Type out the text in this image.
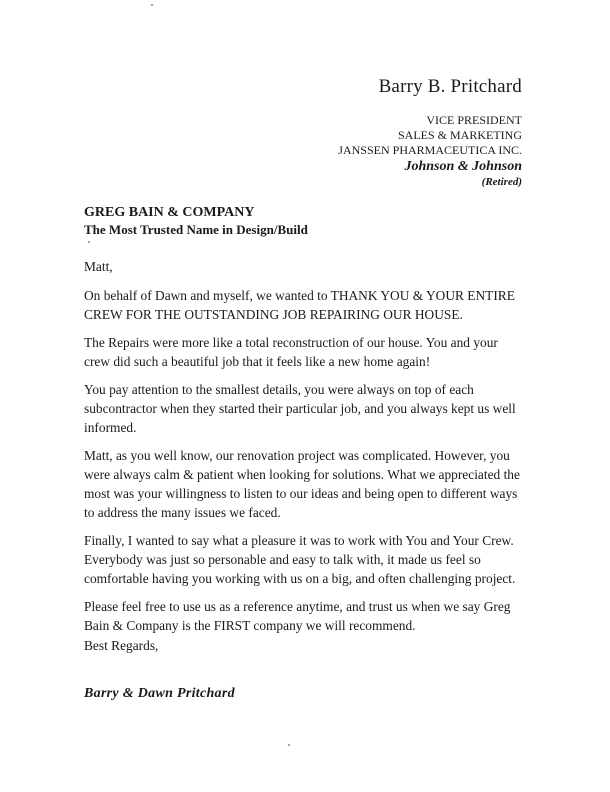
Barry B. Pritchard
VICE PRESIDENT
SALES & MARKETING
JANSSEN PHARMACEUTICA INC.
Johnson & Johnson
(Retired)
GREG BAIN & COMPANY
The Most Trusted Name in Design/Build

Matt,

On behalf of Dawn and myself, we wanted to THANK YOU & YOUR ENTIRE CREW FOR THE OUTSTANDING JOB REPAIRING OUR HOUSE.

The Repairs were more like a total reconstruction of our house. You and your crew did such a beautiful job that it feels like a new home again!

You pay attention to the smallest details, you were always on top of each subcontractor when they started their particular job, and you always kept us well informed.

Matt, as you well know, our renovation project was complicated. However, you were always calm & patient when looking for solutions. What we appreciated the most was your willingness to listen to our ideas and being open to different ways to address the many issues we faced.

Finally, I wanted to say what a pleasure it was to work with You and Your Crew. Everybody was just so personable and easy to talk with, it made us feel so comfortable having you working with us on a big, and often challenging project.

Please feel free to use us as a reference anytime, and trust us when we say Greg Bain & Company is the FIRST company we will recommend.

Best Regards,
Barry & Dawn Pritchard
